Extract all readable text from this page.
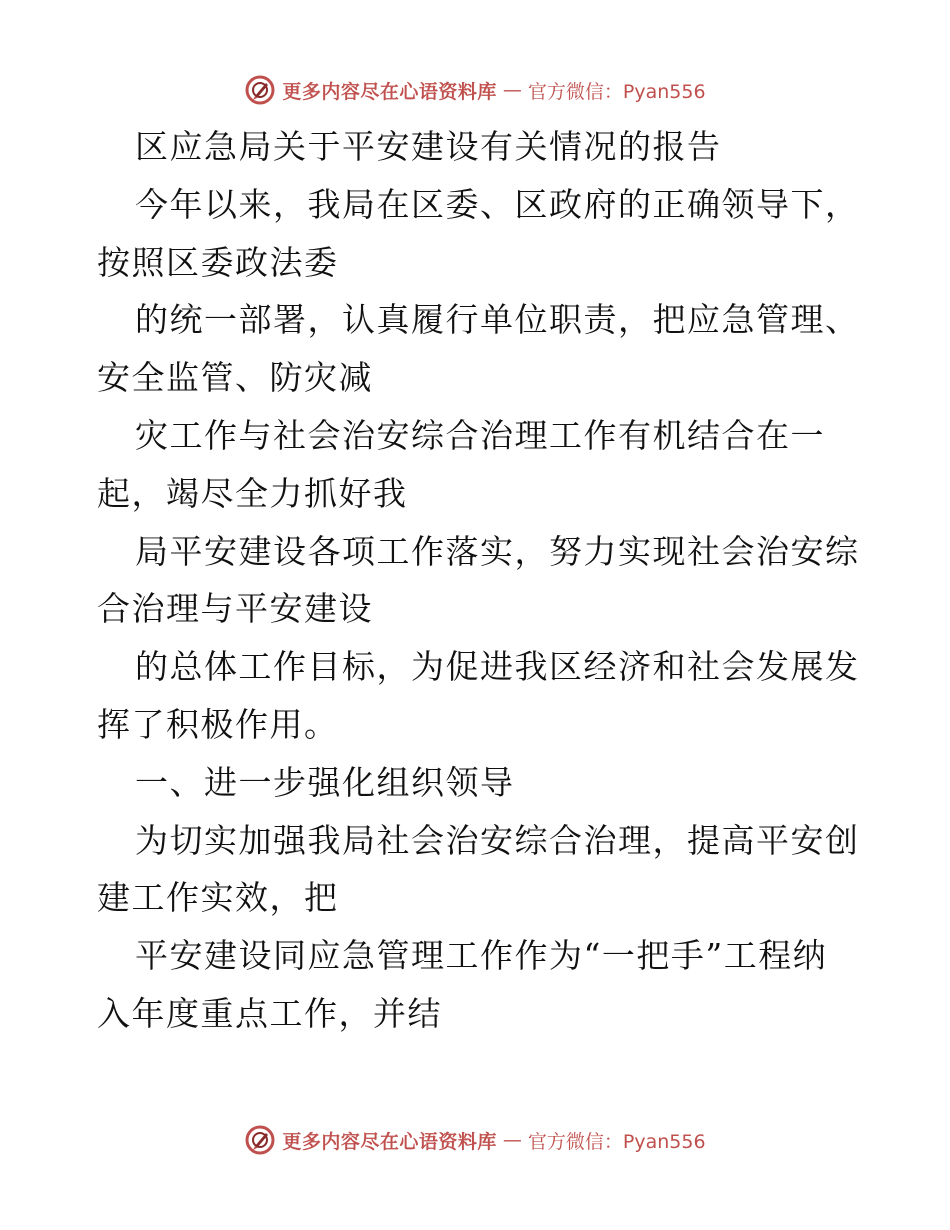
更多内容尽在心语资料库 — 官方微信：Pyan556
区应急局关于平安建设有关情况的报告
今年以来，我局在区委、区政府的正确领导下，
按照区委政法委
的统一部署，认真履行单位职责，把应急管理、
安全监管、防灾减
灾工作与社会治安综合治理工作有机结合在一
起，竭尽全力抓好我
局平安建设各项工作落实，努力实现社会治安综
合治理与平安建设
的总体工作目标，为促进我区经济和社会发展发
挥了积极作用。
一、进一步强化组织领导
为切实加强我局社会治安综合治理，提高平安创
建工作实效，把
平安建设同应急管理工作作为“一把手”工程纳
入年度重点工作，并结
更多内容尽在心语资料库 — 官方微信：Pyan556
